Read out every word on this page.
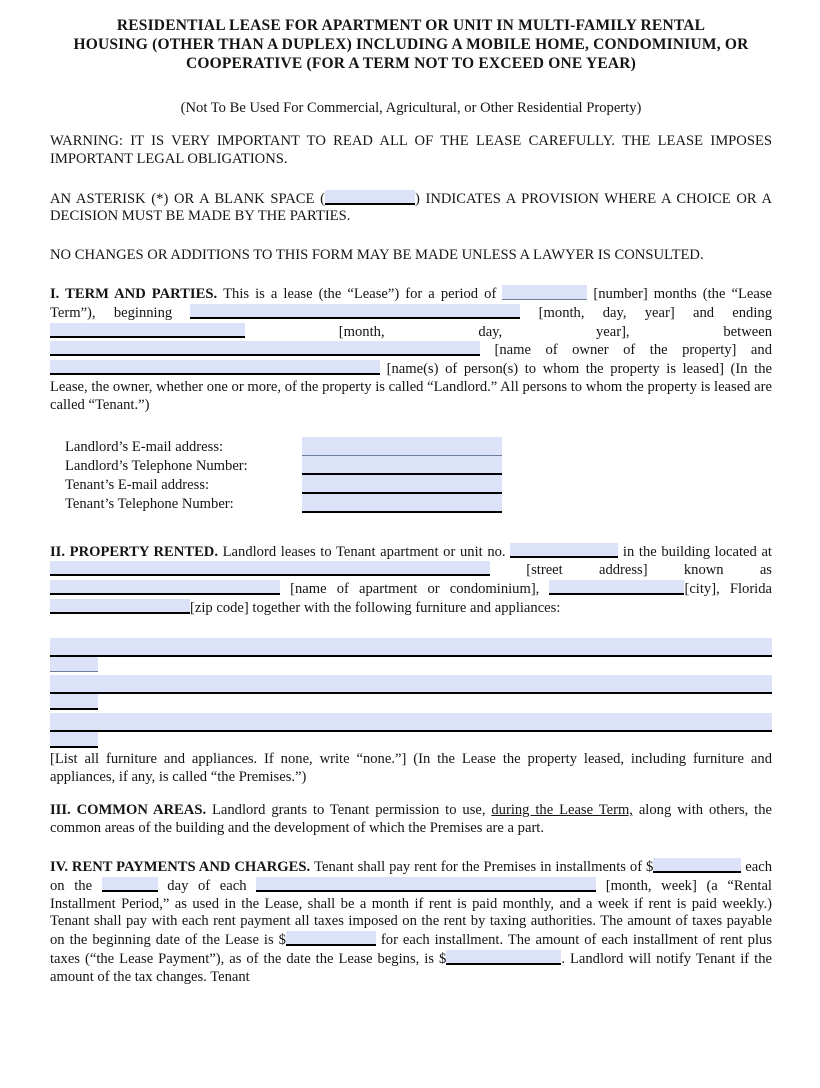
RESIDENTIAL LEASE FOR APARTMENT OR UNIT IN MULTI-FAMILY RENTAL
HOUSING (OTHER THAN A DUPLEX) INCLUDING A MOBILE HOME, CONDOMINIUM, OR
COOPERATIVE (FOR A TERM NOT TO EXCEED ONE YEAR)
(Not To Be Used For Commercial, Agricultural, or Other Residential Property)

WARNING: IT IS VERY IMPORTANT TO READ ALL OF THE LEASE CAREFULLY. THE LEASE IMPOSES IMPORTANT LEGAL OBLIGATIONS.

AN ASTERISK (*) OR A BLANK SPACE (	) INDICATES A PROVISION WHERE A CHOICE OR A DECISION MUST BE MADE BY THE PARTIES.

NO CHANGES OR ADDITIONS TO THIS FORM MAY BE MADE UNLESS A LAWYER IS CONSULTED.

I. TERM AND PARTIES. This is a lease (the “Lease”) for a period of	[number] months (the “Lease Term”), beginning	[month, day, year] and ending  [month, day, year], between  [name of owner of the property] and  [name(s) of person(s) to whom the property is leased] (In the Lease, the owner, whether one or more, of the property is called “Landlord.” All persons to whom the property is leased are called “Tenant.”)

Landlord’s E-mail address:
Landlord’s Telephone Number:
Tenant’s E-mail address:
Tenant’s Telephone Number:

II. PROPERTY RENTED. Landlord leases to Tenant apartment or unit no.	in the building located at  [street address] known as  [name of apartment or condominium],	[city], Florida [zip code] together with the following furniture and appliances:

[List all furniture and appliances. If none, write “none.”] (In the Lease the property leased, including furniture and appliances, if any, is called “the Premises.”)

III. COMMON AREAS. Landlord grants to Tenant permission to use, during the Lease Term, along with others, the common areas of the building and the development of which the Premises are a part.

IV. RENT PAYMENTS AND CHARGES. Tenant shall pay rent for the Premises in installments of $	each on the	day of each	[month, week] (a “Rental Installment Period,” as used in the Lease, shall be a month if rent is paid monthly, and a week if rent is paid weekly.) Tenant shall pay with each rent payment all taxes imposed on the rent by taxing authorities. The amount of taxes payable on the beginning date of the Lease is $	for each installment. The amount of each installment of rent plus taxes (“the Lease Payment”), as of the date the Lease begins, is $	. Landlord will notify Tenant if the amount of the tax changes. Tenant
